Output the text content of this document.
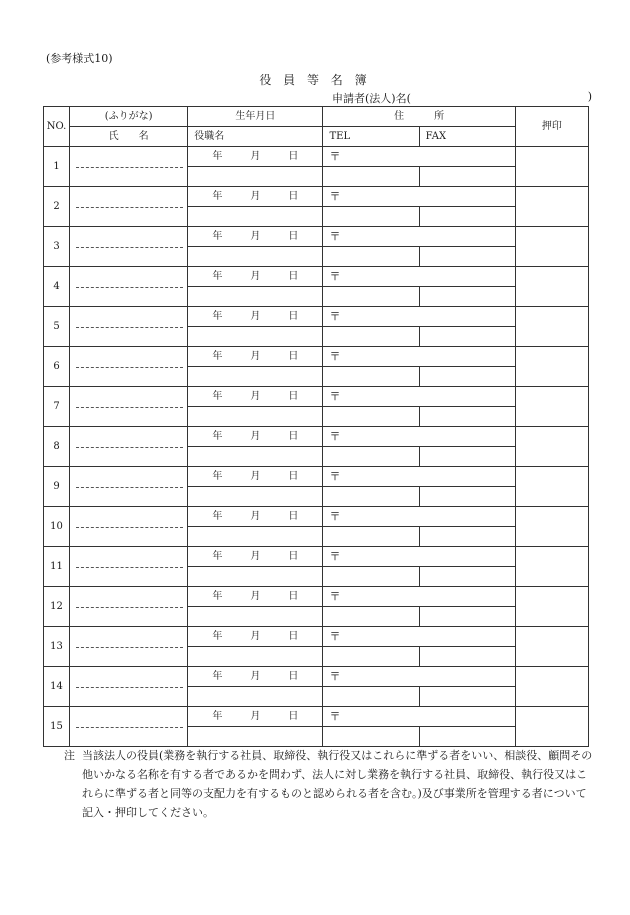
(参考様式10)
役 員 等 名 簿
申請者(法人)名(	)
NO.	(ふりがな)	生年月日	住　　　所		押印
	氏　　名	役職名	TEL	FAX	
1		年 月 日	〒		

2		年 月 日	〒		

3		年 月 日	〒		

4		年 月 日	〒		

5		年 月 日	〒		

6		年 月 日	〒		

7		年 月 日	〒		

8		年 月 日	〒		

9		年 月 日	〒		

10		年 月 日	〒		

11		年 月 日	〒		

12		年 月 日	〒		

13		年 月 日	〒		

14		年 月 日	〒		

15		年 月 日	〒		

注 当該法人の役員(業務を執行する社員、取締役、執行役又はこれらに準ずる者をいい、相談役、顧問その他いかなる名称を有する者であるかを問わず、法人に対し業務を執行する社員、取締役、執行役又はこれらに準ずる者と同等の支配力を有するものと認められる者を含む。)及び事業所を管理する者について記入・押印してください。
